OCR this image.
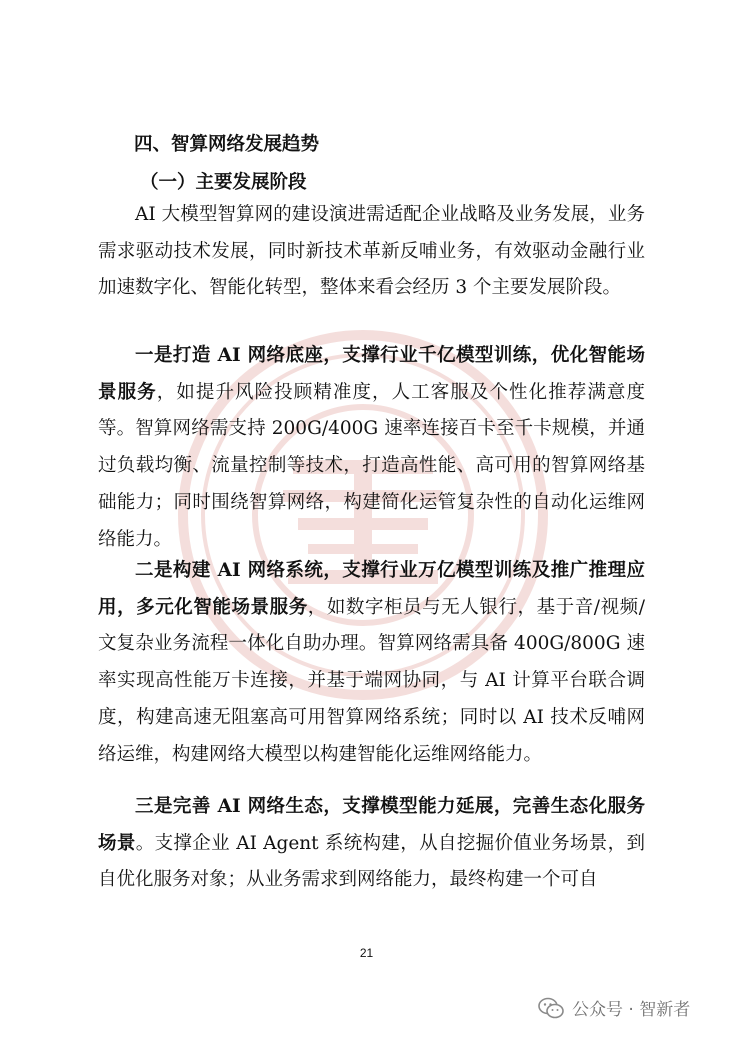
四、智算网络发展趋势
（一）主要发展阶段

AI 大模型智算网的建设演进需适配企业战略及业务发展，业务需求驱动技术发展，同时新技术革新反哺业务，有效驱动金融行业加速数字化、智能化转型，整体来看会经历 3 个主要发展阶段。

一是打造 AI 网络底座，支撑行业千亿模型训练，优化智能场景服务，如提升风险投顾精准度，人工客服及个性化推荐满意度等。智算网络需支持 200G/400G 速率连接百卡至千卡规模，并通过负载均衡、流量控制等技术，打造高性能、高可用的智算网络基础能力；同时围绕智算网络，构建简化运管复杂性的自动化运维网络能力。

二是构建 AI 网络系统，支撑行业万亿模型训练及推广推理应用，多元化智能场景服务，如数字柜员与无人银行，基于音/视频/文复杂业务流程一体化自助办理。智算网络需具备 400G/800G 速率实现高性能万卡连接，并基于端网协同，与 AI 计算平台联合调度，构建高速无阻塞高可用智算网络系统；同时以 AI 技术反哺网络运维，构建网络大模型以构建智能化运维网络能力。

三是完善 AI 网络生态，支撑模型能力延展，完善生态化服务场景。支撑企业 AI Agent 系统构建，从自挖掘价值业务场景，到自优化服务对象；从业务需求到网络能力，最终构建一个可自

21
公众号 · 智新者
